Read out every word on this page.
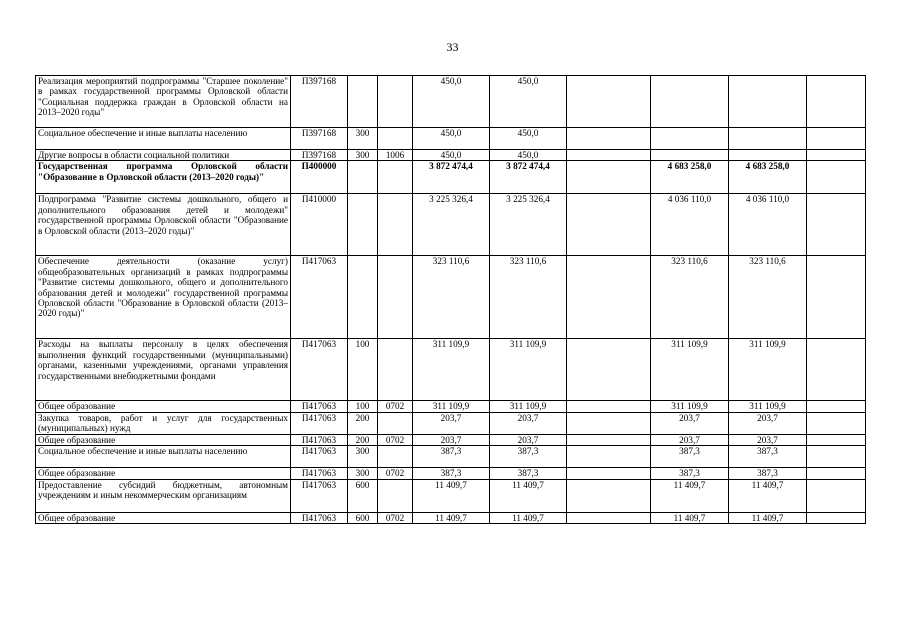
33
Реализация мероприятий подпрограммы "Старшее поколение" в рамках государственной программы Орловской области "Социальная поддержка граждан в Орловской области на 2013–2020 годы"	П397168			450,0	450,0				
Социальное обеспечение и иные выплаты населению	П397168	300		450,0	450,0				
Другие вопросы в области социальной политики	П397168	300	1006	450,0	450,0				
Государственная программа Орловской области "Образование в Орловской области (2013–2020 годы)"	П400000			3 872 474,4	3 872 474,4		4 683 258,0	4 683 258,0	
Подпрограмма "Развитие системы дошкольного, общего и дополнительного образования детей и молодежи" государственной программы Орловской области "Образование в Орловской области (2013–2020 годы)"	П410000			3 225 326,4	3 225 326,4		4 036 110,0	4 036 110,0	
Обеспечение деятельности (оказание услуг) общеобразовательных организаций в рамках подпрограммы "Развитие системы дошкольного, общего и дополнительного образования детей и молодежи" государственной программы Орловской области "Образование в Орловской области (2013–2020 годы)"	П417063			323 110,6	323 110,6		323 110,6	323 110,6	
Расходы на выплаты персоналу в целях обеспечения выполнения функций государственными (муниципальными) органами, казенными учреждениями, органами управления государственными внебюджетными фондами	П417063	100		311 109,9	311 109,9		311 109,9	311 109,9	
Общее образование	П417063	100	0702	311 109,9	311 109,9		311 109,9	311 109,9	
Закупка товаров, работ и услуг для государственных (муниципальных) нужд	П417063	200		203,7	203,7		203,7	203,7	
Общее образование	П417063	200	0702	203,7	203,7		203,7	203,7	
Социальное обеспечение и иные выплаты населению	П417063	300		387,3	387,3		387,3	387,3	
Общее образование	П417063	300	0702	387,3	387,3		387,3	387,3	
Предоставление субсидий бюджетным, автономным учреждениям и иным некоммерческим организациям	П417063	600		11 409,7	11 409,7		11 409,7	11 409,7	
Общее образование	П417063	600	0702	11 409,7	11 409,7		11 409,7	11 409,7	
